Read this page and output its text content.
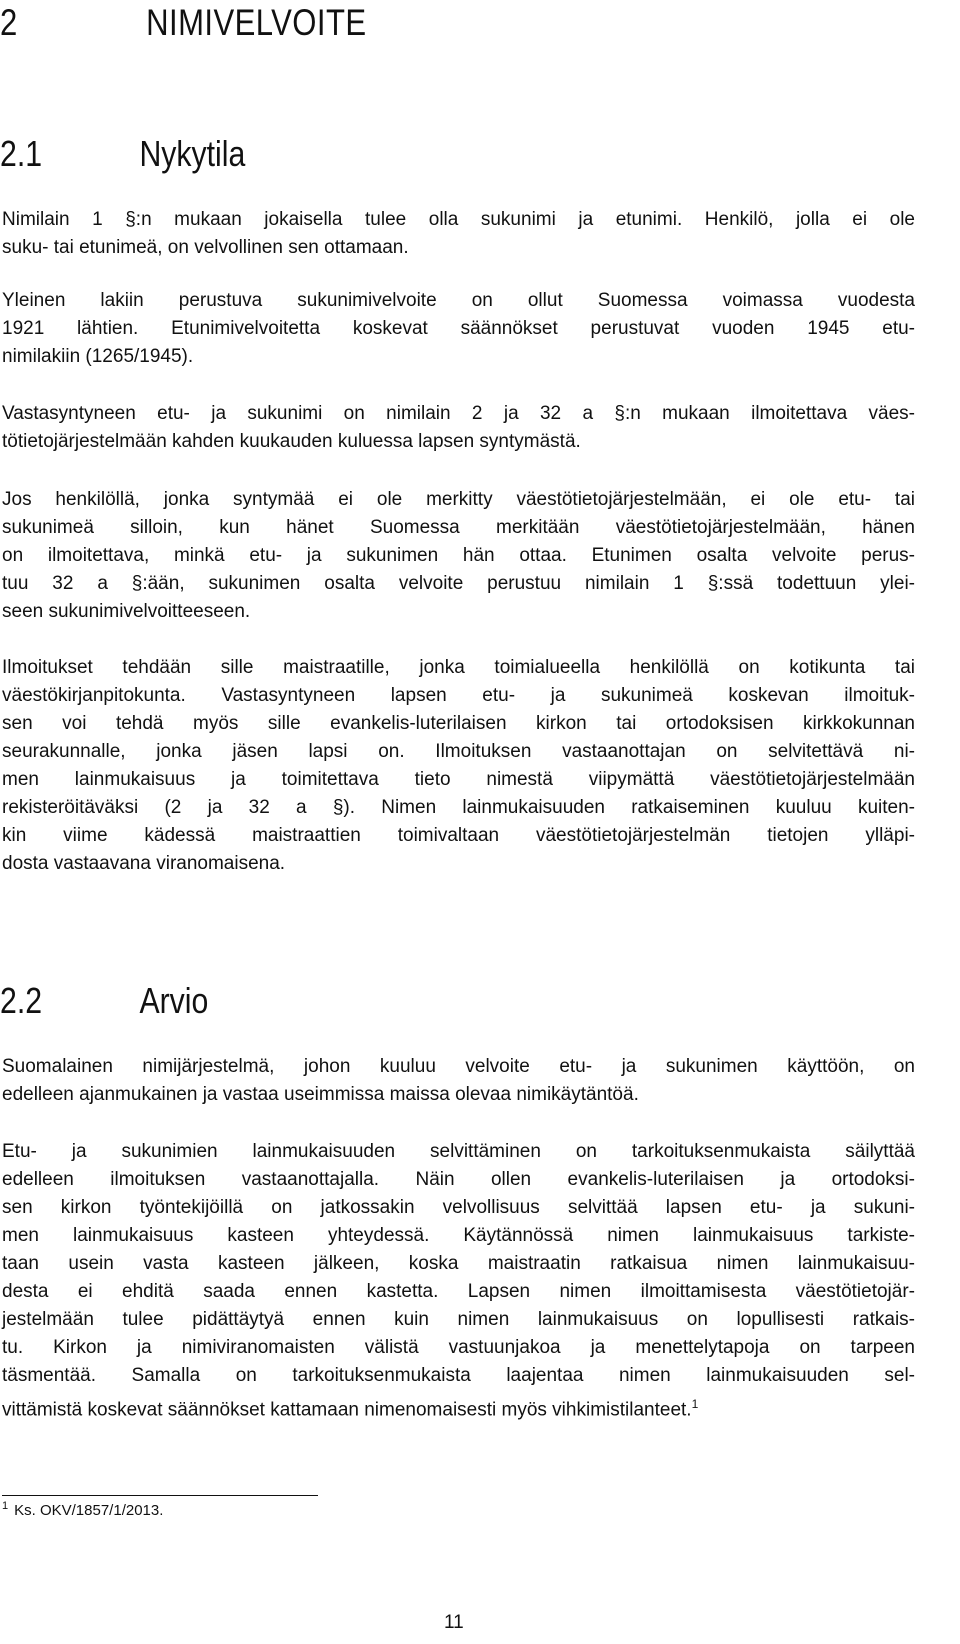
2	NIMIVELVOITE
2.1	Nykytila
Nimilain 1 §:n mukaan jokaisella tulee olla sukunimi ja etunimi. Henkilö, jolla ei ole
suku- tai etunimeä, on velvollinen sen ottamaan.
Yleinen lakiin perustuva sukunimivelvoite on ollut Suomessa voimassa vuodesta
1921 lähtien. Etunimivelvoitetta koskevat säännökset perustuvat vuoden 1945 etu-
nimilakiin (1265/1945).
Vastasyntyneen etu- ja sukunimi on nimilain 2 ja 32 a §:n mukaan ilmoitettava väes-
tötietojärjestelmään kahden kuukauden kuluessa lapsen syntymästä.
Jos henkilöllä, jonka syntymää ei ole merkitty väestötietojärjestelmään, ei ole etu- tai
sukunimeä silloin, kun hänet Suomessa merkitään väestötietojärjestelmään, hänen
on ilmoitettava, minkä etu- ja sukunimen hän ottaa. Etunimen osalta velvoite perus-
tuu 32 a §:ään, sukunimen osalta velvoite perustuu nimilain 1 §:ssä todettuun ylei-
seen sukunimivelvoitteeseen.
Ilmoitukset tehdään sille maistraatille, jonka toimialueella henkilöllä on kotikunta tai
väestökirjanpitokunta. Vastasyntyneen lapsen etu- ja sukunimeä koskevan ilmoituk-
sen voi tehdä myös sille evankelis-luterilaisen kirkon tai ortodoksisen kirkkokunnan
seurakunnalle, jonka jäsen lapsi on. Ilmoituksen vastaanottajan on selvitettävä ni-
men lainmukaisuus ja toimitettava tieto nimestä viipymättä väestötietojärjestelmään
rekisteröitäväksi (2 ja 32 a §). Nimen lainmukaisuuden ratkaiseminen kuuluu kuiten-
kin viime kädessä maistraattien toimivaltaan väestötietojärjestelmän tietojen ylläpi-
dosta vastaavana viranomaisena.
2.2	Arvio
Suomalainen nimijärjestelmä, johon kuuluu velvoite etu- ja sukunimen käyttöön, on
edelleen ajanmukainen ja vastaa useimmissa maissa olevaa nimikäytäntöä.
Etu- ja sukunimien lainmukaisuuden selvittäminen on tarkoituksenmukaista säilyttää
edelleen ilmoituksen vastaanottajalla. Näin ollen evankelis-luterilaisen ja ortodoksi-
sen kirkon työntekijöillä on jatkossakin velvollisuus selvittää lapsen etu- ja sukuni-
men lainmukaisuus kasteen yhteydessä. Käytännössä nimen lainmukaisuus tarkiste-
taan usein vasta kasteen jälkeen, koska maistraatin ratkaisua nimen lainmukaisuu-
desta ei ehditä saada ennen kastetta. Lapsen nimen ilmoittamisesta väestötietojär-
jestelmään tulee pidättäytyä ennen kuin nimen lainmukaisuus on lopullisesti ratkais-
tu. Kirkon ja nimiviranomaisten välistä vastuunjakoa ja menettelytapoja on tarpeen
täsmentää. Samalla on tarkoituksenmukaista laajentaa nimen lainmukaisuuden sel-
vittämistä koskevat säännökset kattamaan nimenomaisesti myös vihkimistilanteet.$^1$
$^1$ Ks. OKV/1857/1/2013.
11
